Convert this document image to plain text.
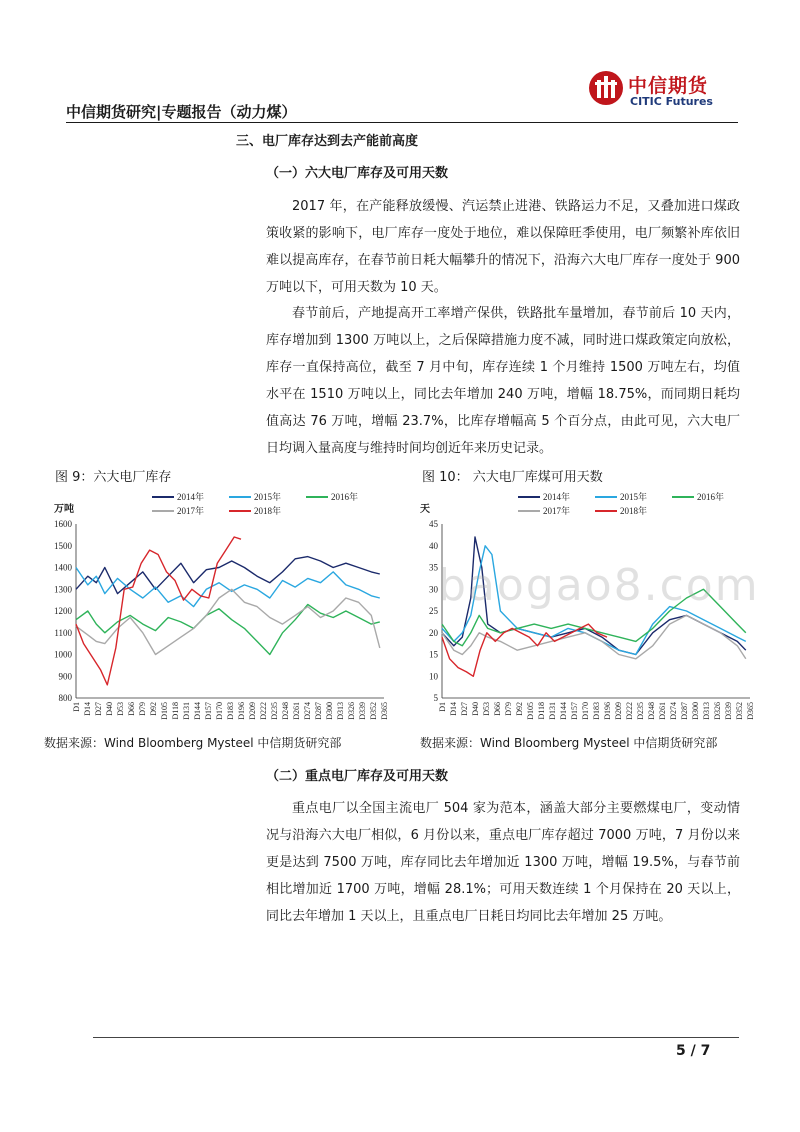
中信期货研究|专题报告（动力煤）
中信期货
CITIC Futures
三、电厂库存达到去产能前高度
（一）六大电厂库存及可用天数
2017 年，在产能释放缓慢、汽运禁止进港、铁路运力不足，又叠加进口煤政策收紧的影响下，电厂库存一度处于地位，难以保障旺季使用，电厂频繁补库依旧难以提高库存，在春节前日耗大幅攀升的情况下，沿海六大电厂库存一度处于 900 万吨以下，可用天数为 10 天。
春节前后，产地提高开工率增产保供，铁路批车量增加，春节前后 10 天内，库存增加到 1300 万吨以上，之后保障措施力度不减，同时进口煤政策定向放松，库存一直保持高位，截至 7 月中旬，库存连续 1 个月维持 1500 万吨左右，均值水平在 1510 万吨以上，同比去年增加 240 万吨，增幅 18.75%，而同期日耗均值高达 76 万吨，增幅 23.7%，比库存增幅高 5 个百分点，由此可见，六大电厂日均调入量高度与维持时间均创近年来历史记录。
图 9：六大电厂库存	图 10： 六大电厂库煤可用天数
万吨
800
900
1000
1100
1200
1300
1400
1500
1600
D1 D14 D27 D40 D53 D66 D79 D92 D105 D118 D131 D144 D157 D170 D183 D196 D209 D222 D235 D248 D261 D274 D287 D300 D313 D326 D339 D352 D365
2014年	2015年	2016年
2017年	2018年	天
5
10
15
20
25
30
35
40
45
D1 D14 D27 D40 D53 D66 D79 D92 D105 D118 D131 D144 D157 D170 D183 D196 D209 D222 D235 D248 D261 D274 D287 D300 D313 D326 D339 D352 D365
2014年	2015年	2016年
2017年	2018年
baogao8.com
数据来源：Wind Bloomberg Mysteel 中信期货研究部	数据来源：Wind Bloomberg Mysteel 中信期货研究部
（二）重点电厂库存及可用天数
重点电厂以全国主流电厂 504 家为范本，涵盖大部分主要燃煤电厂，变动情况与沿海六大电厂相似，6 月份以来，重点电厂库存超过 7000 万吨，7 月份以来更是达到 7500 万吨，库存同比去年增加近 1300 万吨，增幅 19.5%，与春节前相比增加近 1700 万吨，增幅 28.1%；可用天数连续 1 个月保持在 20 天以上，同比去年增加 1 天以上，且重点电厂日耗日均同比去年增加 25 万吨。
5 / 7
